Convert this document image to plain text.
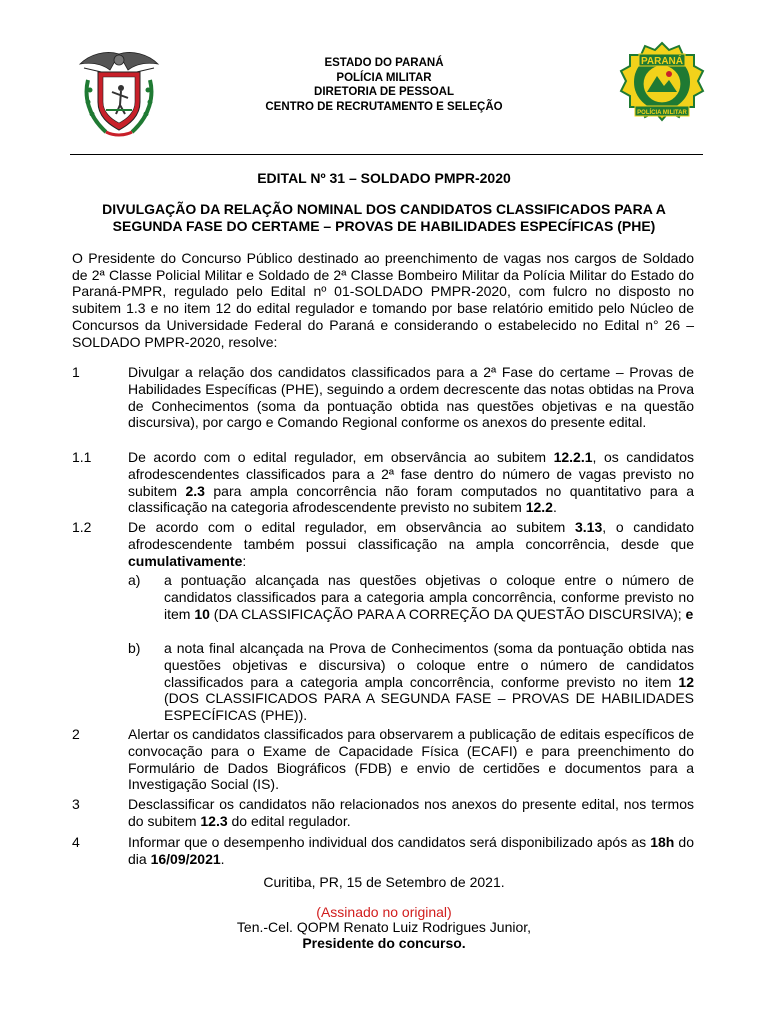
ESTADO DO PARANÁ
POLÍCIA MILITAR
DIRETORIA DE PESSOAL
CENTRO DE RECRUTAMENTO E SELEÇÃO
PARANÁ
POLÍCIA MILITAR
EDITAL Nº 31 – SOLDADO PMPR-2020
DIVULGAÇÃO DA RELAÇÃO NOMINAL DOS CANDIDATOS CLASSIFICADOS PARA A SEGUNDA FASE DO CERTAME – PROVAS DE HABILIDADES ESPECÍFICAS (PHE)
O Presidente do Concurso Público destinado ao preenchimento de vagas nos cargos de Soldado de 2ª Classe Policial Militar e Soldado de 2ª Classe Bombeiro Militar da Polícia Militar do Estado do Paraná-PMPR, regulado pelo Edital nº 01-SOLDADO PMPR-2020, com fulcro no disposto no subitem 1.3 e no item 12 do edital regulador e tomando por base relatório emitido pelo Núcleo de Concursos da Universidade Federal do Paraná e considerando o estabelecido no Edital n° 26 – SOLDADO PMPR-2020, resolve:
1	Divulgar a relação dos candidatos classificados para a 2ª Fase do certame – Provas de Habilidades Específicas (PHE), seguindo a ordem decrescente das notas obtidas na Prova de Conhecimentos (soma da pontuação obtida nas questões objetivas e na questão discursiva), por cargo e Comando Regional conforme os anexos do presente edital.
1.1	De acordo com o edital regulador, em observância ao subitem 12.2.1, os candidatos afrodescendentes classificados para a 2ª fase dentro do número de vagas previsto no subitem 2.3 para ampla concorrência não foram computados no quantitativo para a classificação na categoria afrodescendente previsto no subitem 12.2.
1.2	De acordo com o edital regulador, em observância ao subitem 3.13, o candidato afrodescendente também possui classificação na ampla concorrência, desde que cumulativamente:
a) a pontuação alcançada nas questões objetivas o coloque entre o número de candidatos classificados para a categoria ampla concorrência, conforme previsto no item 10 (DA CLASSIFICAÇÃO PARA A CORREÇÃO DA QUESTÃO DISCURSIVA); e
b) a nota final alcançada na Prova de Conhecimentos (soma da pontuação obtida nas questões objetivas e discursiva) o coloque entre o número de candidatos classificados para a categoria ampla concorrência, conforme previsto no item 12 (DOS CLASSIFICADOS PARA A SEGUNDA FASE – PROVAS DE HABILIDADES ESPECÍFICAS (PHE)).
2	Alertar os candidatos classificados para observarem a publicação de editais específicos de convocação para o Exame de Capacidade Física (ECAFI) e para preenchimento do Formulário de Dados Biográficos (FDB) e envio de certidões e documentos para a Investigação Social (IS).
3	Desclassificar os candidatos não relacionados nos anexos do presente edital, nos termos do subitem 12.3 do edital regulador.
4	Informar que o desempenho individual dos candidatos será disponibilizado após as 18h do dia 16/09/2021.
Curitiba, PR, 15 de Setembro de 2021.
(Assinado no original)
Ten.-Cel. QOPM Renato Luiz Rodrigues Junior,
Presidente do concurso.
